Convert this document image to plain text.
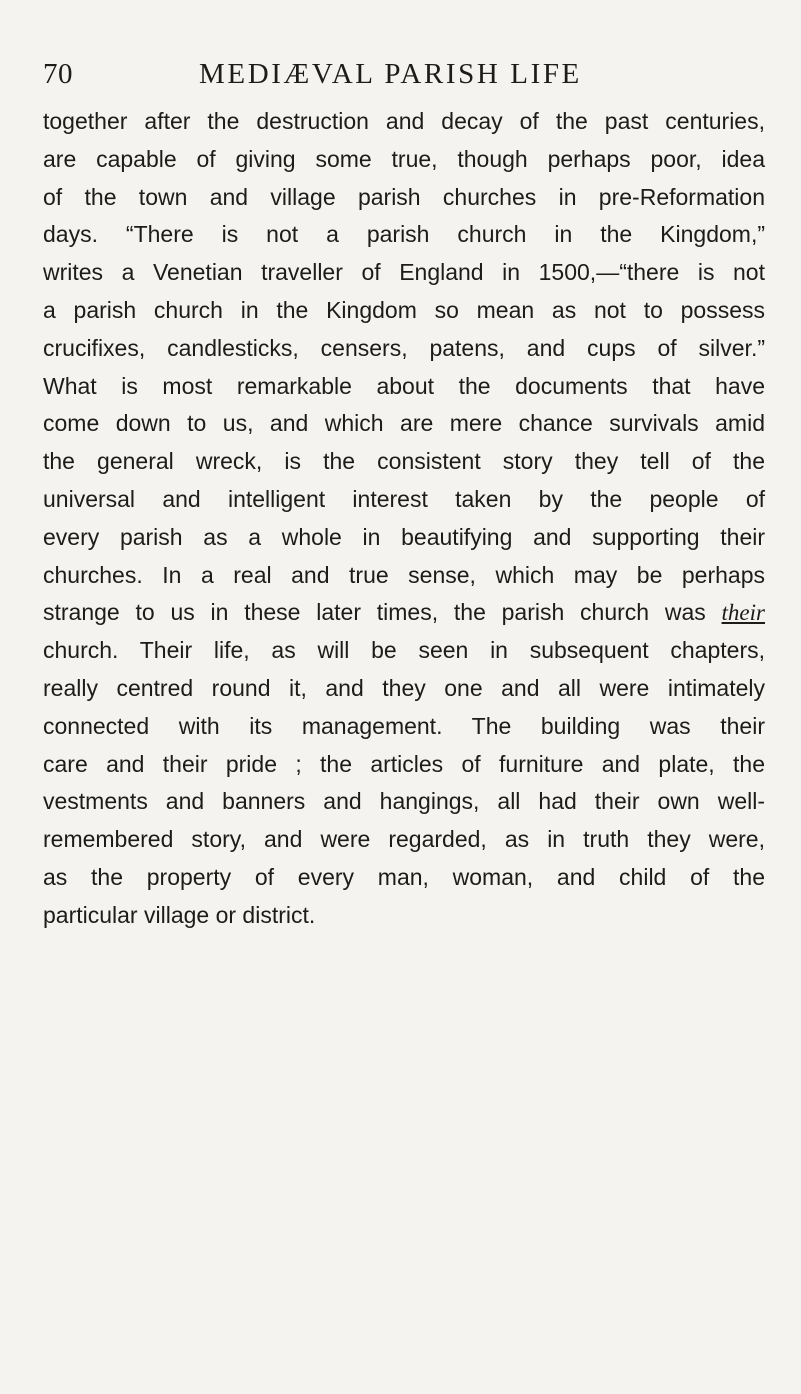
70	MEDIÆVAL PARISH LIFE
together after the destruction and decay of the past centuries,
are capable of giving some true, though perhaps poor, idea
of the town and village parish churches in pre-Reformation
days. “There is not a parish church in the Kingdom,”
writes a Venetian traveller of England in 1500,—“there is not
a parish church in the Kingdom so mean as not to possess
crucifixes, candlesticks, censers, patens, and cups of silver.”
What is most remarkable about the documents that have
come down to us, and which are mere chance survivals amid
the general wreck, is the consistent story they tell of the
universal and intelligent interest taken by the people of
every parish as a whole in beautifying and supporting their
churches. In a real and true sense, which may be perhaps
strange to us in these later times, the parish church was their
church. Their life, as will be seen in subsequent chapters,
really centred round it, and they one and all were intimately
connected with its management. The building was their
care and their pride ; the articles of furniture and plate, the
vestments and banners and hangings, all had their own well-
remembered story, and were regarded, as in truth they were,
as the property of every man, woman, and child of the
particular village or district.
